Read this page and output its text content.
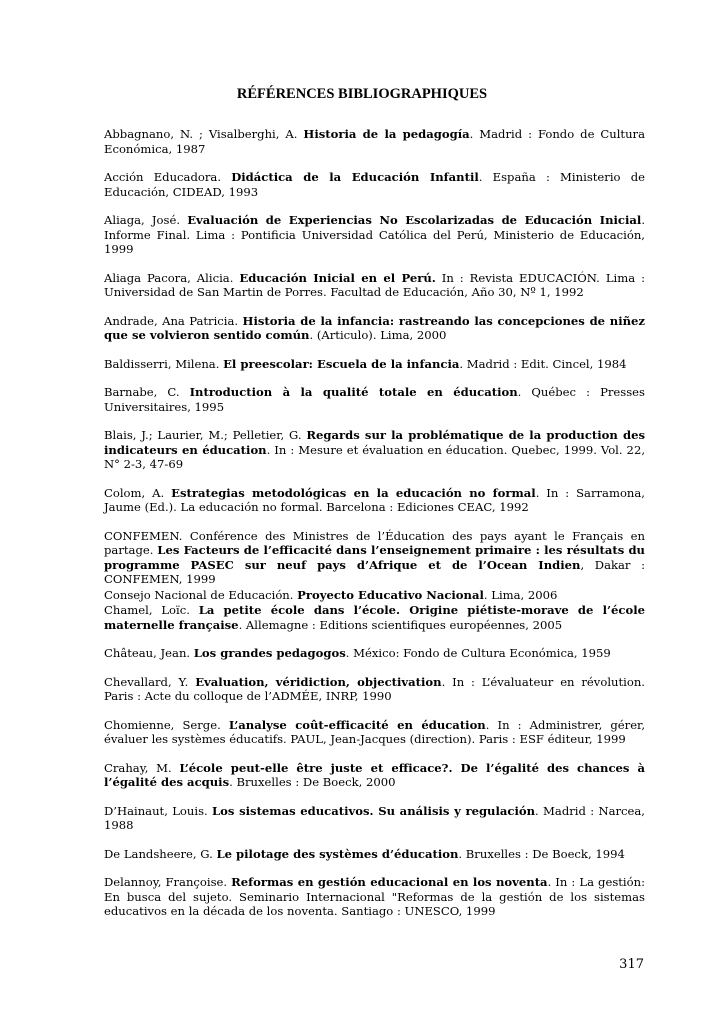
RÉFÉRENCES BIBLIOGRAPHIQUES

Abbagnano, N. ; Visalberghi, A. Historia de la pedagogía. Madrid : Fondo de Cultura Económica, 1987

Acción Educadora. Didáctica de la Educación Infantil. España : Ministerio de Educación, CIDEAD, 1993

Aliaga, José. Evaluación de Experiencias No Escolarizadas de Educación Inicial. Informe Final. Lima : Pontificia Universidad Católica del Perú, Ministerio de Educación, 1999

Aliaga Pacora, Alicia. Educación Inicial en el Perú. In : Revista EDUCACIÓN. Lima : Universidad de San Martin de Porres. Facultad de Educación, Año 30, Nº 1, 1992

Andrade, Ana Patricia. Historia de la infancia: rastreando las concepciones de niñez que se volvieron sentido común. (Articulo). Lima, 2000

Baldisserri, Milena. El preescolar: Escuela de la infancia. Madrid : Edit. Cincel, 1984

Barnabe, C. Introduction à la qualité totale en éducation. Québec : Presses Universitaires, 1995

Blais, J.; Laurier, M.; Pelletier, G. Regards sur la problématique de la production des indicateurs en éducation. In : Mesure et évaluation en éducation. Quebec, 1999. Vol. 22, N° 2-3, 47-69

Colom, A. Estrategias metodológicas en la educación no formal. In : Sarramona, Jaume (Ed.). La educación no formal. Barcelona : Ediciones CEAC, 1992

CONFEMEN. Conférence des Ministres de l’Éducation des pays ayant le Français en partage. Les Facteurs de l’efficacité dans l’enseignement primaire : les résultats du programme PASEC sur neuf pays d’Afrique et de l’Ocean Indien, Dakar : CONFEMEN, 1999

Consejo Nacional de Educación. Proyecto Educativo Nacional. Lima, 2006

Chamel, Loïc. La petite école dans l’école. Origine piétiste-morave de l’école maternelle française. Allemagne : Editions scientifiques européennes, 2005

Château, Jean. Los grandes pedagogos. México: Fondo de Cultura Económica, 1959

Chevallard, Y. Evaluation, véridiction, objectivation. In : L’évaluateur en révolution. Paris : Acte du colloque de l’ADMÉE, INRP, 1990

Chomienne, Serge. L’analyse coût-efficacité en éducation. In : Administrer, gérer, évaluer les systèmes éducatifs. PAUL, Jean-Jacques (direction). Paris : ESF éditeur, 1999

Crahay, M. L’école peut-elle être juste et efficace?. De l’égalité des chances à l’égalité des acquis. Bruxelles : De Boeck, 2000

D’Hainaut, Louis. Los sistemas educativos. Su análisis y regulación. Madrid : Narcea, 1988

De Landsheere, G. Le pilotage des systèmes d’éducation. Bruxelles : De Boeck, 1994

Delannoy, Françoise. Reformas en gestión educacional en los noventa. In : La gestión: En busca del sujeto. Seminario Internacional "Reformas de la gestión de los sistemas educativos en la década de los noventa. Santiago : UNESCO, 1999

317
